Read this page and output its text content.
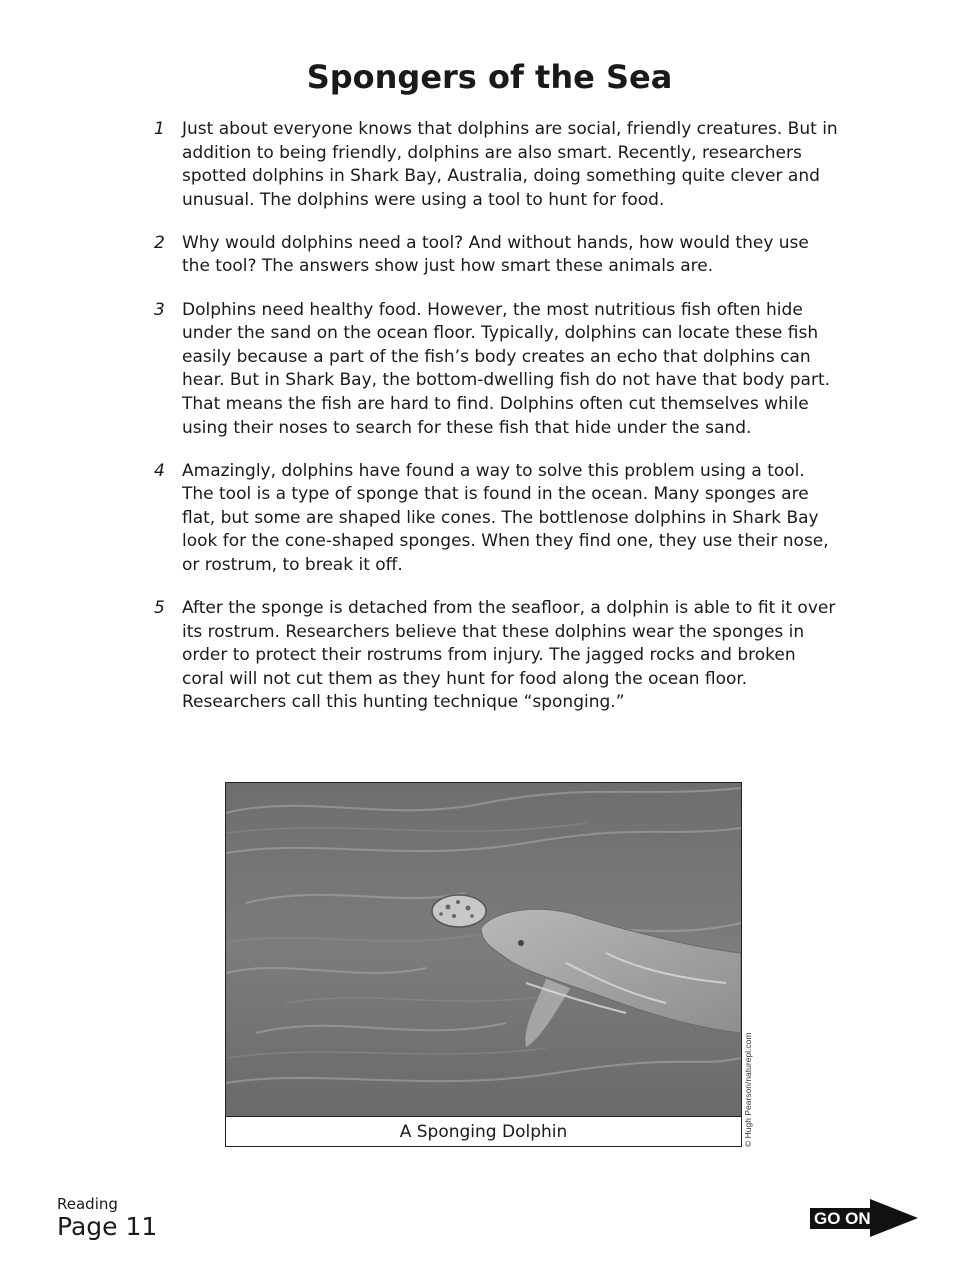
Spongers of the Sea
1 Just about everyone knows that dolphins are social, friendly creatures. But in addition to being friendly, dolphins are also smart. Recently, researchers spotted dolphins in Shark Bay, Australia, doing something quite clever and unusual. The dolphins were using a tool to hunt for food.
2 Why would dolphins need a tool? And without hands, how would they use the tool? The answers show just how smart these animals are.
3 Dolphins need healthy food. However, the most nutritious fish often hide under the sand on the ocean floor. Typically, dolphins can locate these fish easily because a part of the fish’s body creates an echo that dolphins can hear. But in Shark Bay, the bottom-dwelling fish do not have that body part. That means the fish are hard to find. Dolphins often cut themselves while using their noses to search for these fish that hide under the sand.
4 Amazingly, dolphins have found a way to solve this problem using a tool. The tool is a type of sponge that is found in the ocean. Many sponges are flat, but some are shaped like cones. The bottlenose dolphins in Shark Bay look for the cone-shaped sponges. When they find one, they use their nose, or rostrum, to break it off.
5 After the sponge is detached from the seafloor, a dolphin is able to fit it over its rostrum. Researchers believe that these dolphins wear the sponges in order to protect their rostrums from injury. The jagged rocks and broken coral will not cut them as they hunt for food along the ocean floor. Researchers call this hunting technique “sponging.”
A Sponging Dolphin	© Hugh Pearson/naturepl.com
Reading
Page 11	GO ON
